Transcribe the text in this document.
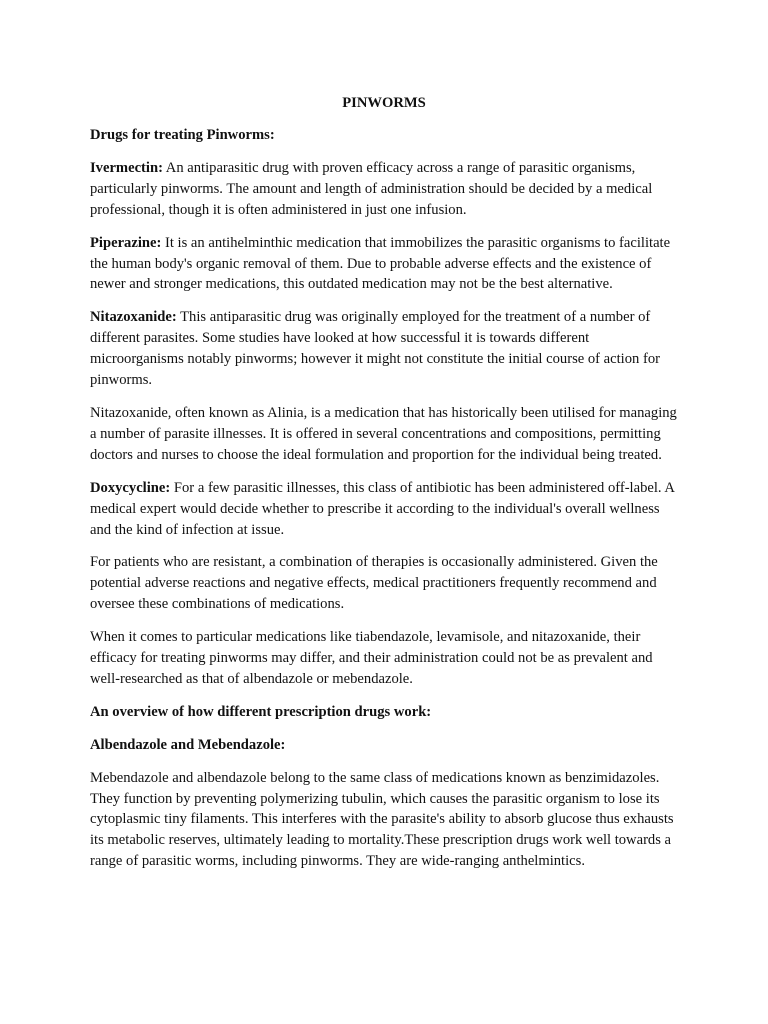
PINWORMS
Drugs for treating Pinworms:

Ivermectin: An antiparasitic drug with proven efficacy across a range of parasitic organisms, particularly pinworms. The amount and length of administration should be decided by a medical professional, though it is often administered in just one infusion.

Piperazine: It is an antihelminthic medication that immobilizes the parasitic organisms to facilitate the human body's organic removal of them. Due to probable adverse effects and the existence of newer and stronger medications, this outdated medication may not be the best alternative.

Nitazoxanide: This antiparasitic drug was originally employed for the treatment of a number of different parasites. Some studies have looked at how successful it is towards different microorganisms notably pinworms; however it might not constitute the initial course of action for pinworms.

Nitazoxanide, often known as Alinia, is a medication that has historically been utilised for managing a number of parasite illnesses. It is offered in several concentrations and compositions, permitting doctors and nurses to choose the ideal formulation and proportion for the individual being treated.

Doxycycline: For a few parasitic illnesses, this class of antibiotic has been administered off-label. A medical expert would decide whether to prescribe it according to the individual's overall wellness and the kind of infection at issue.

For patients who are resistant, a combination of therapies is occasionally administered. Given the potential adverse reactions and negative effects, medical practitioners frequently recommend and oversee these combinations of medications.

When it comes to particular medications like tiabendazole, levamisole, and nitazoxanide, their efficacy for treating pinworms may differ, and their administration could not be as prevalent and well-researched as that of albendazole or mebendazole.

An overview of how different prescription drugs work:
Albendazole and Mebendazole:

Mebendazole and albendazole belong to the same class of medications known as benzimidazoles. They function by preventing polymerizing tubulin, which causes the parasitic organism to lose its cytoplasmic tiny filaments. This interferes with the parasite's ability to absorb glucose thus exhausts its metabolic reserves, ultimately leading to mortality.These prescription drugs work well towards a range of parasitic worms, including pinworms. They are wide-ranging anthelmintics.
